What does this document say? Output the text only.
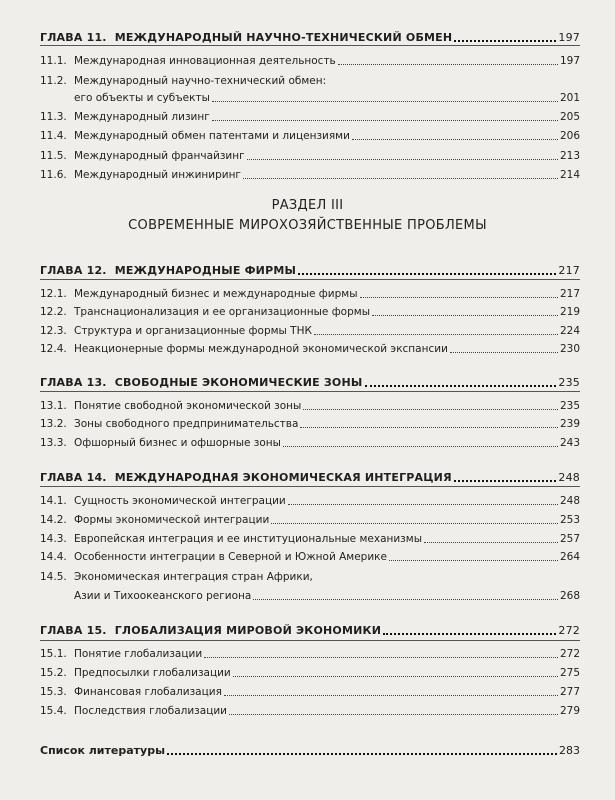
ГЛАВА 11. МЕЖДУНАРОДНЫЙ НАУЧНО-ТЕХНИЧЕСКИЙ ОБМЕН	197
11.1. Международная инновационная деятельность	197
11.2. Международный научно-технический обмен:
его объекты и субъекты	201
11.3. Международный лизинг	205
11.4. Международный обмен патентами и лицензиями	206
11.5. Международный франчайзинг	213
11.6. Международный инжиниринг	214
РАЗДЕЛ III
СОВРЕМЕННЫЕ МИРОХОЗЯЙСТВЕННЫЕ ПРОБЛЕМЫ
ГЛАВА 12. МЕЖДУНАРОДНЫЕ ФИРМЫ	217
12.1. Международный бизнес и международные фирмы	217
12.2. Транснационализация и ее организационные формы	219
12.3. Структура и организационные формы ТНК	224
12.4. Неакционерные формы международной экономической экспансии	230
ГЛАВА 13. СВОБОДНЫЕ ЭКОНОМИЧЕСКИЕ ЗОНЫ	235
13.1. Понятие свободной экономической зоны	235
13.2. Зоны свободного предпринимательства	239
13.3. Офшорный бизнес и офшорные зоны	243
ГЛАВА 14. МЕЖДУНАРОДНАЯ ЭКОНОМИЧЕСКАЯ ИНТЕГРАЦИЯ	248
14.1. Сущность экономической интеграции	248
14.2. Формы экономической интеграции	253
14.3. Европейская интеграция и ее институциональные механизмы	257
14.4. Особенности интеграции в Северной и Южной Америке	264
14.5. Экономическая интеграция стран Африки,
Азии и Тихоокеанского региона	268
ГЛАВА 15. ГЛОБАЛИЗАЦИЯ МИРОВОЙ ЭКОНОМИКИ	272
15.1. Понятие глобализации	272
15.2. Предпосылки глобализации	275
15.3. Финансовая глобализация	277
15.4. Последствия глобализации	279
Список литературы	283
